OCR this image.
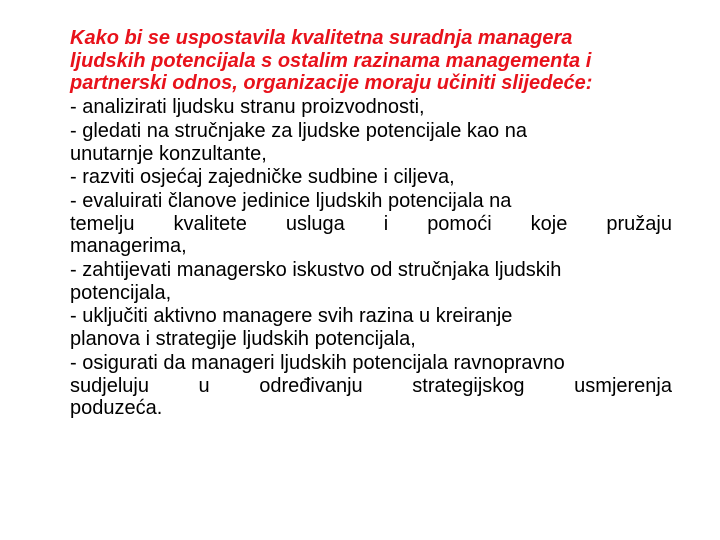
Kako bi se uspostavila kvalitetna suradnja managera
ljudskih potencijala s ostalim razinama managementa i
partnerski odnos, organizacije moraju učiniti slijedeće:
- analizirati ljudsku stranu proizvodnosti,
- gledati na stručnjake za ljudske potencijale kao na
unutarnje konzultante,
- razviti osjećaj zajedničke sudbine i ciljeva,
- evaluirati članove jedinice ljudskih potencijala na
temelju kvalitete usluga i pomoći koje pružaju
managerima,
- zahtijevati managersko iskustvo od stručnjaka ljudskih
potencijala,
- uključiti aktivno managere svih razina u kreiranje
planova i strategije ljudskih potencijala,
- osigurati da manageri ljudskih potencijala ravnopravno
sudjeluju u određivanju strategijskog usmjerenja
poduzeća.
